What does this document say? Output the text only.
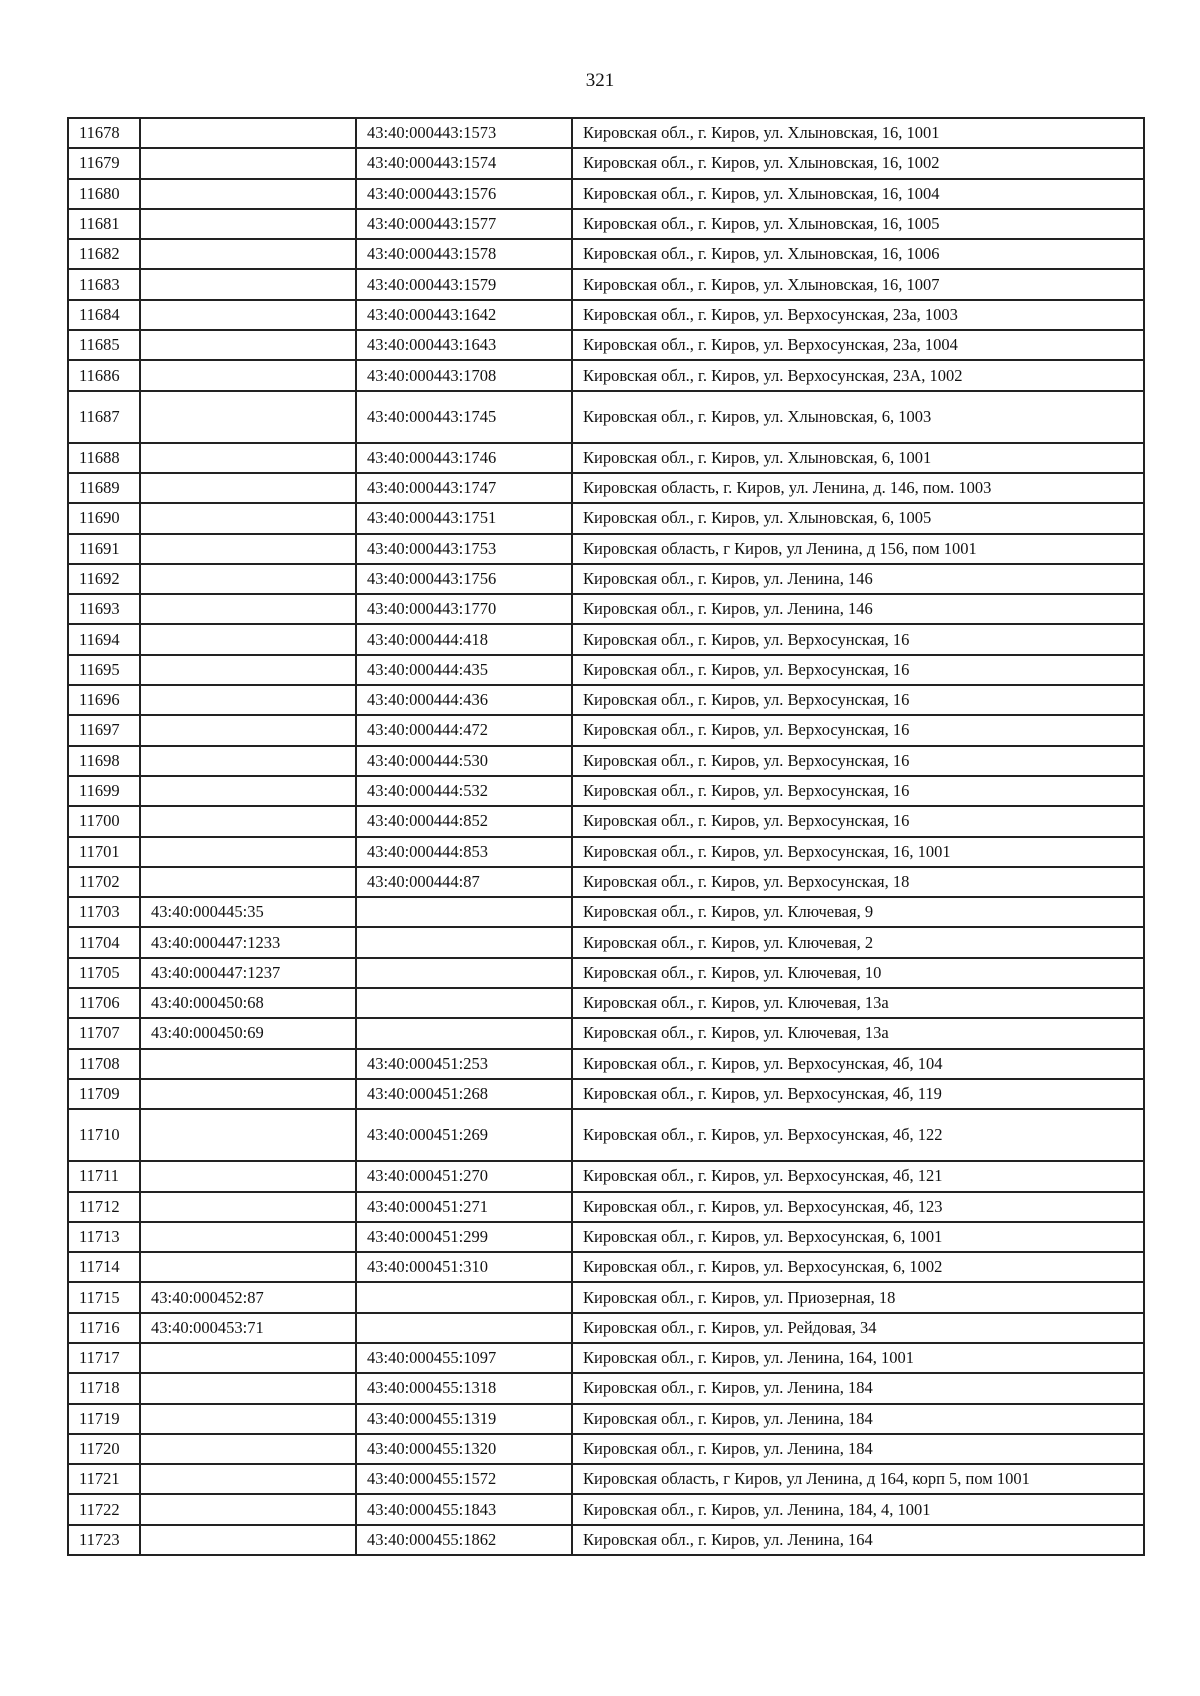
321
11678		43:40:000443:1573	Кировская обл., г. Киров, ул. Хлыновская, 16, 1001
11679		43:40:000443:1574	Кировская обл., г. Киров, ул. Хлыновская, 16, 1002
11680		43:40:000443:1576	Кировская обл., г. Киров, ул. Хлыновская, 16, 1004
11681		43:40:000443:1577	Кировская обл., г. Киров, ул. Хлыновская, 16, 1005
11682		43:40:000443:1578	Кировская обл., г. Киров, ул. Хлыновская, 16, 1006
11683		43:40:000443:1579	Кировская обл., г. Киров, ул. Хлыновская, 16, 1007
11684		43:40:000443:1642	Кировская обл., г. Киров, ул. Верхосунская, 23а, 1003
11685		43:40:000443:1643	Кировская обл., г. Киров, ул. Верхосунская, 23а, 1004
11686		43:40:000443:1708	Кировская обл., г. Киров, ул. Верхосунская, 23А, 1002
11687		43:40:000443:1745	Кировская обл., г. Киров, ул. Хлыновская, 6, 1003
11688		43:40:000443:1746	Кировская обл., г. Киров, ул. Хлыновская, 6, 1001
11689		43:40:000443:1747	Кировская область, г. Киров, ул. Ленина, д. 146, пом. 1003
11690		43:40:000443:1751	Кировская обл., г. Киров, ул. Хлыновская, 6, 1005
11691		43:40:000443:1753	Кировская область, г Киров, ул Ленина, д 156, пом 1001
11692		43:40:000443:1756	Кировская обл., г. Киров, ул. Ленина, 146
11693		43:40:000443:1770	Кировская обл., г. Киров, ул. Ленина, 146
11694		43:40:000444:418	Кировская обл., г. Киров, ул. Верхосунская, 16
11695		43:40:000444:435	Кировская обл., г. Киров, ул. Верхосунская, 16
11696		43:40:000444:436	Кировская обл., г. Киров, ул. Верхосунская, 16
11697		43:40:000444:472	Кировская обл., г. Киров, ул. Верхосунская, 16
11698		43:40:000444:530	Кировская обл., г. Киров, ул. Верхосунская, 16
11699		43:40:000444:532	Кировская обл., г. Киров, ул. Верхосунская, 16
11700		43:40:000444:852	Кировская обл., г. Киров, ул. Верхосунская, 16
11701		43:40:000444:853	Кировская обл., г. Киров, ул. Верхосунская, 16, 1001
11702		43:40:000444:87	Кировская обл., г. Киров, ул. Верхосунская, 18
11703	43:40:000445:35		Кировская обл., г. Киров, ул. Ключевая, 9
11704	43:40:000447:1233		Кировская обл., г. Киров, ул. Ключевая, 2
11705	43:40:000447:1237		Кировская обл., г. Киров, ул. Ключевая, 10
11706	43:40:000450:68		Кировская обл., г. Киров, ул. Ключевая, 13а
11707	43:40:000450:69		Кировская обл., г. Киров, ул. Ключевая, 13а
11708		43:40:000451:253	Кировская обл., г. Киров, ул. Верхосунская, 4б, 104
11709		43:40:000451:268	Кировская обл., г. Киров, ул. Верхосунская, 4б, 119
11710		43:40:000451:269	Кировская обл., г. Киров, ул. Верхосунская, 4б, 122
11711		43:40:000451:270	Кировская обл., г. Киров, ул. Верхосунская, 4б, 121
11712		43:40:000451:271	Кировская обл., г. Киров, ул. Верхосунская, 4б, 123
11713		43:40:000451:299	Кировская обл., г. Киров, ул. Верхосунская, 6, 1001
11714		43:40:000451:310	Кировская обл., г. Киров, ул. Верхосунская, 6, 1002
11715	43:40:000452:87		Кировская обл., г. Киров, ул. Приозерная, 18
11716	43:40:000453:71		Кировская обл., г. Киров, ул. Рейдовая, 34
11717		43:40:000455:1097	Кировская обл., г. Киров, ул. Ленина, 164, 1001
11718		43:40:000455:1318	Кировская обл., г. Киров, ул. Ленина, 184
11719		43:40:000455:1319	Кировская обл., г. Киров, ул. Ленина, 184
11720		43:40:000455:1320	Кировская обл., г. Киров, ул. Ленина, 184
11721		43:40:000455:1572	Кировская область, г Киров, ул Ленина, д 164, корп 5, пом 1001
11722		43:40:000455:1843	Кировская обл., г. Киров, ул. Ленина, 184, 4, 1001
11723		43:40:000455:1862	Кировская обл., г. Киров, ул. Ленина, 164
